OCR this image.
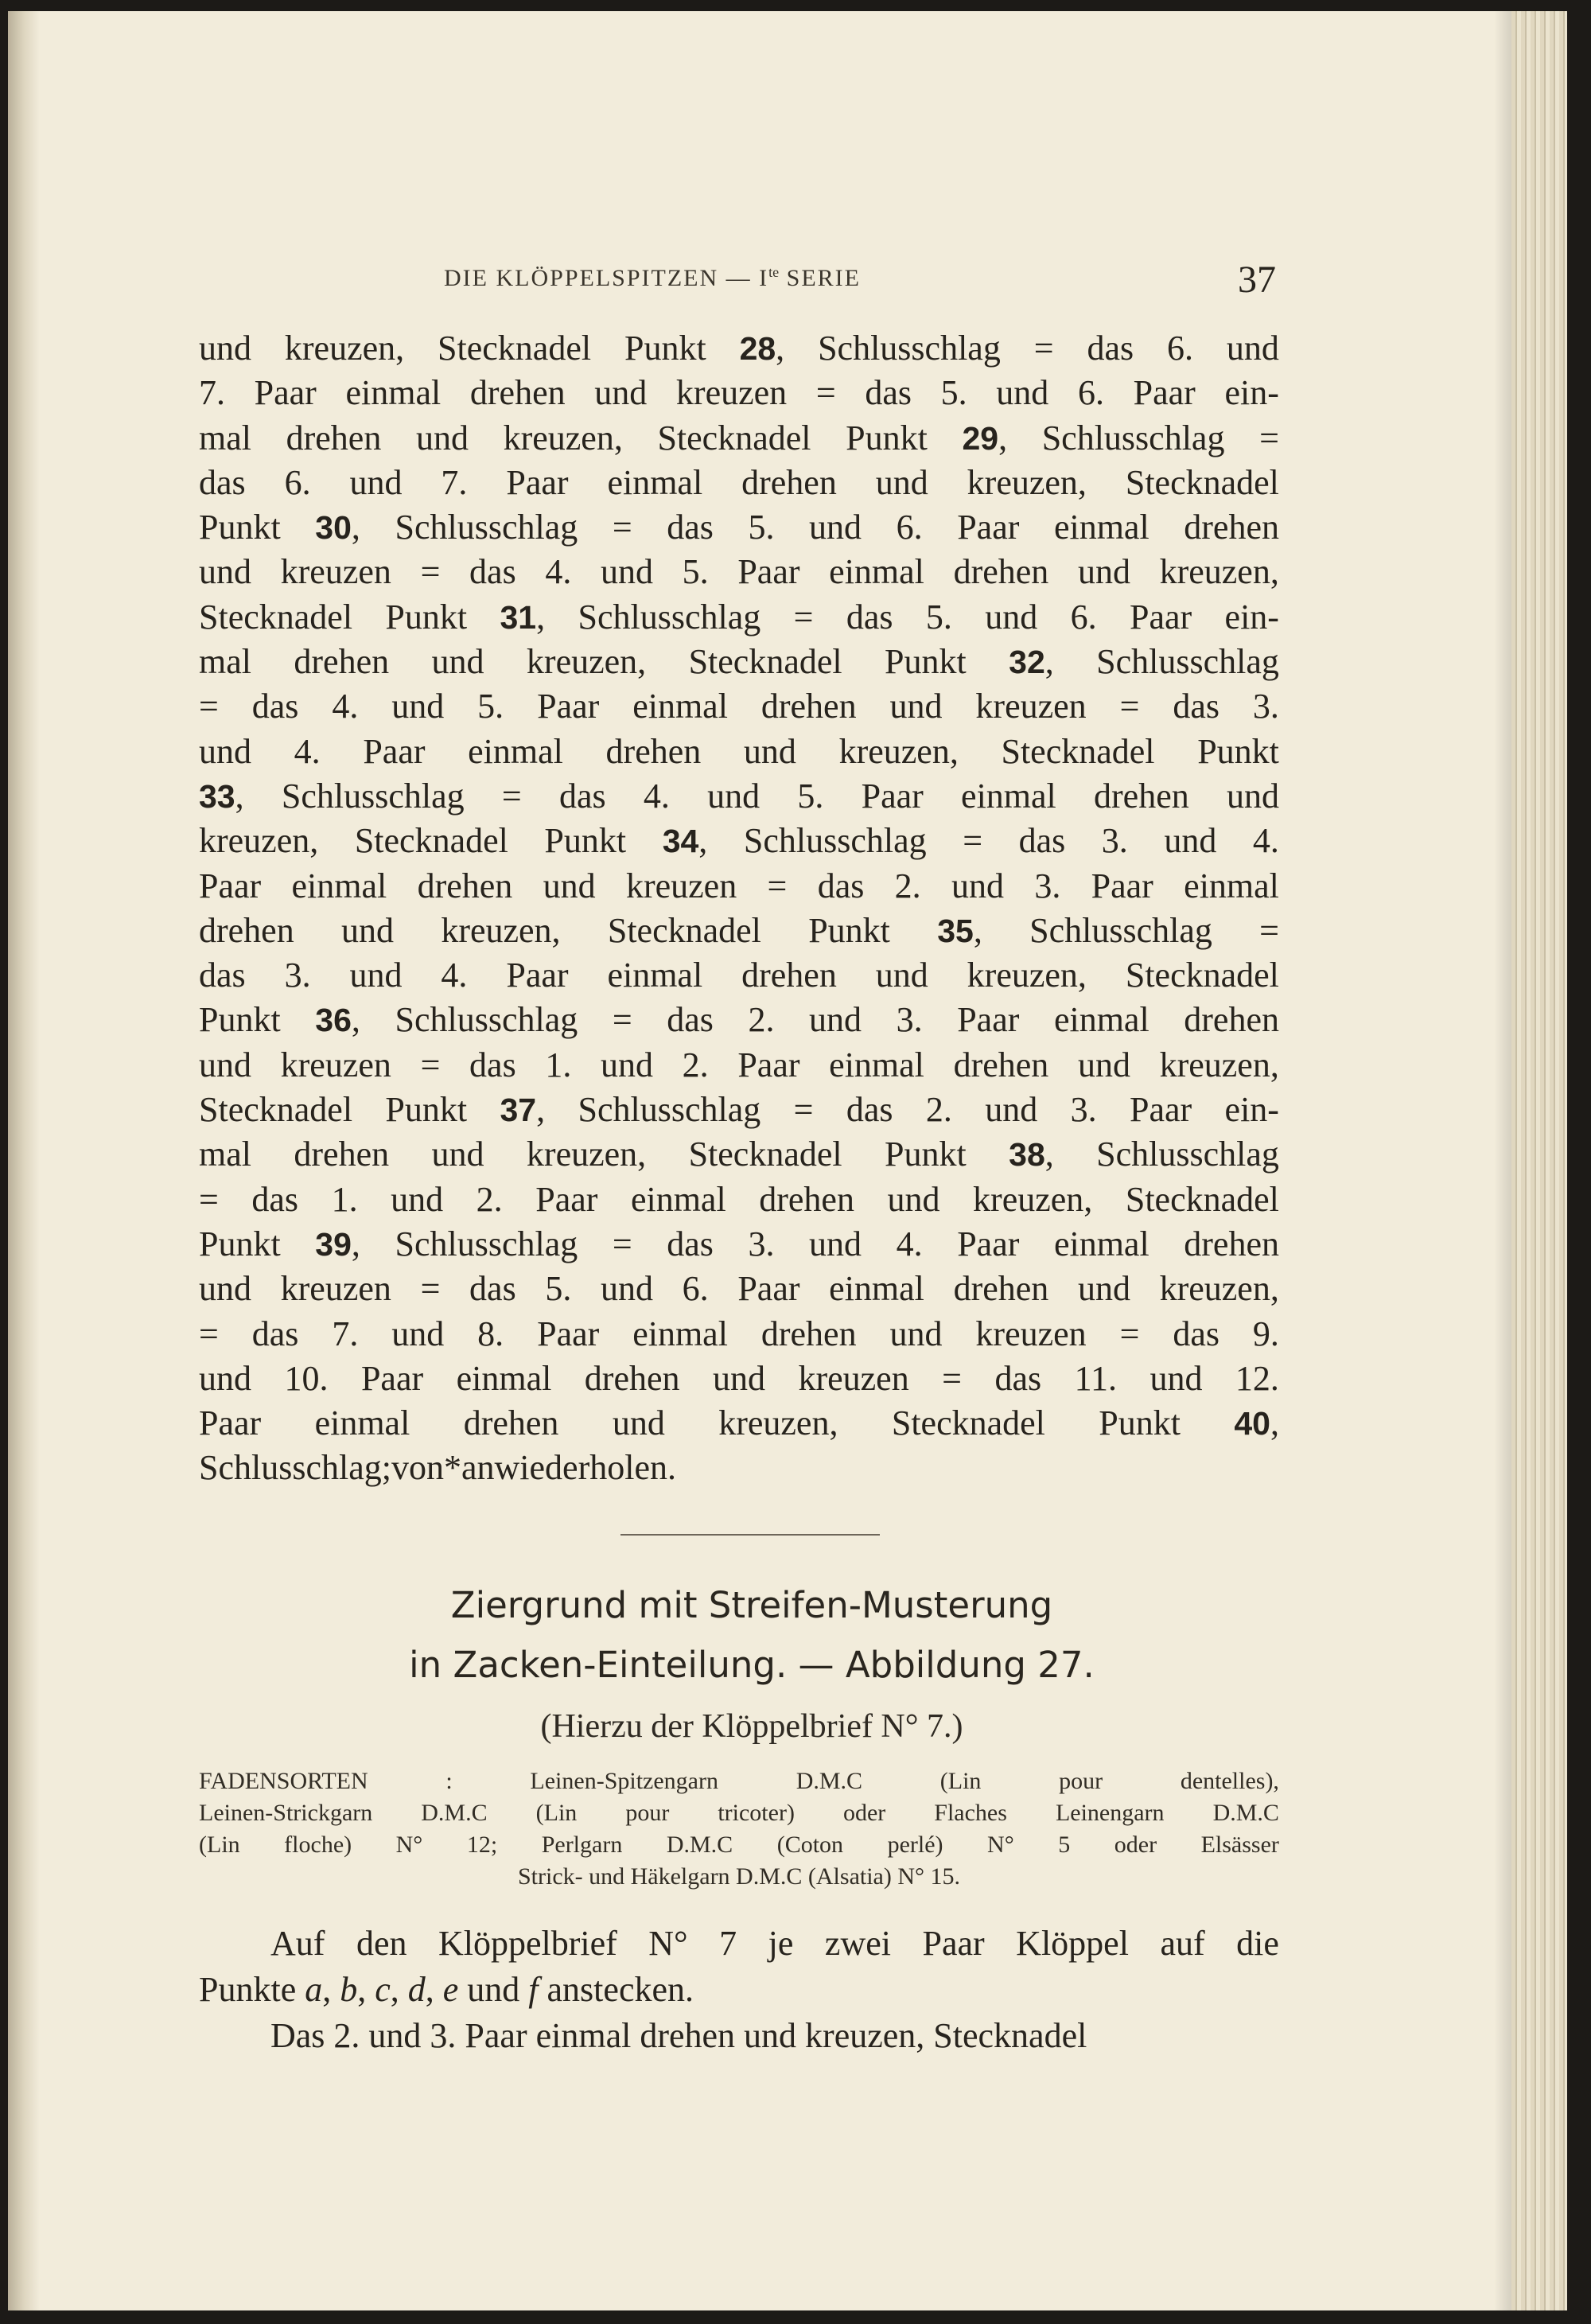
DIE KLÖPPELSPITZEN — $I^{te}$ SERIE	37
und kreuzen, Stecknadel Punkt 28, Schlusschlag = das 6. und
7. Paar einmal drehen und kreuzen = das 5. und 6. Paar ein-
mal drehen und kreuzen, Stecknadel Punkt 29, Schlusschlag =
das 6. und 7. Paar einmal drehen und kreuzen, Stecknadel
Punkt 30, Schlusschlag = das 5. und 6. Paar einmal drehen
und kreuzen = das 4. und 5. Paar einmal drehen und kreuzen,
Stecknadel Punkt 31, Schlusschlag = das 5. und 6. Paar ein-
mal drehen und kreuzen, Stecknadel Punkt 32, Schlusschlag
= das 4. und 5. Paar einmal drehen und kreuzen = das 3.
und 4. Paar einmal drehen und kreuzen, Stecknadel Punkt
33, Schlusschlag = das 4. und 5. Paar einmal drehen und
kreuzen, Stecknadel Punkt 34, Schlusschlag = das 3. und 4.
Paar einmal drehen und kreuzen = das 2. und 3. Paar einmal
drehen und kreuzen, Stecknadel Punkt 35, Schlusschlag =
das 3. und 4. Paar einmal drehen und kreuzen, Stecknadel
Punkt 36, Schlusschlag = das 2. und 3. Paar einmal drehen
und kreuzen = das 1. und 2. Paar einmal drehen und kreuzen,
Stecknadel Punkt 37, Schlusschlag = das 2. und 3. Paar ein-
mal drehen und kreuzen, Stecknadel Punkt 38, Schlusschlag
= das 1. und 2. Paar einmal drehen und kreuzen, Stecknadel
Punkt 39, Schlusschlag = das 3. und 4. Paar einmal drehen
und kreuzen = das 5. und 6. Paar einmal drehen und kreuzen,
= das 7. und 8. Paar einmal drehen und kreuzen = das 9.
und 10. Paar einmal drehen und kreuzen = das 11. und 12.
Paar einmal drehen und kreuzen, Stecknadel Punkt 40,
Schlusschlag; von * an wiederholen.
Ziergrund mit Streifen-Musterung
in Zacken-Einteilung. — Abbildung 27.
(Hierzu der Klöppelbrief N° 7.)
FADENSORTEN	:	Leinen-Spitzengarn	D.M.C	(Lin	pour	dentelles),
Leinen-Strickgarn D.M.C (Lin pour tricoter) oder Flaches Leinengarn D.M.C
(Lin floche) N° 12; Perlgarn D.M.C (Coton perlé) N° 5 oder Elsässer
Strick- und Häkelgarn D.M.C (Alsatia) N° 15.
Auf den Klöppelbrief N° 7 je zwei Paar Klöppel auf die
Punkte a , b , c , d , e und f anstecken.
Das 2. und 3. Paar einmal drehen und kreuzen, Stecknadel
